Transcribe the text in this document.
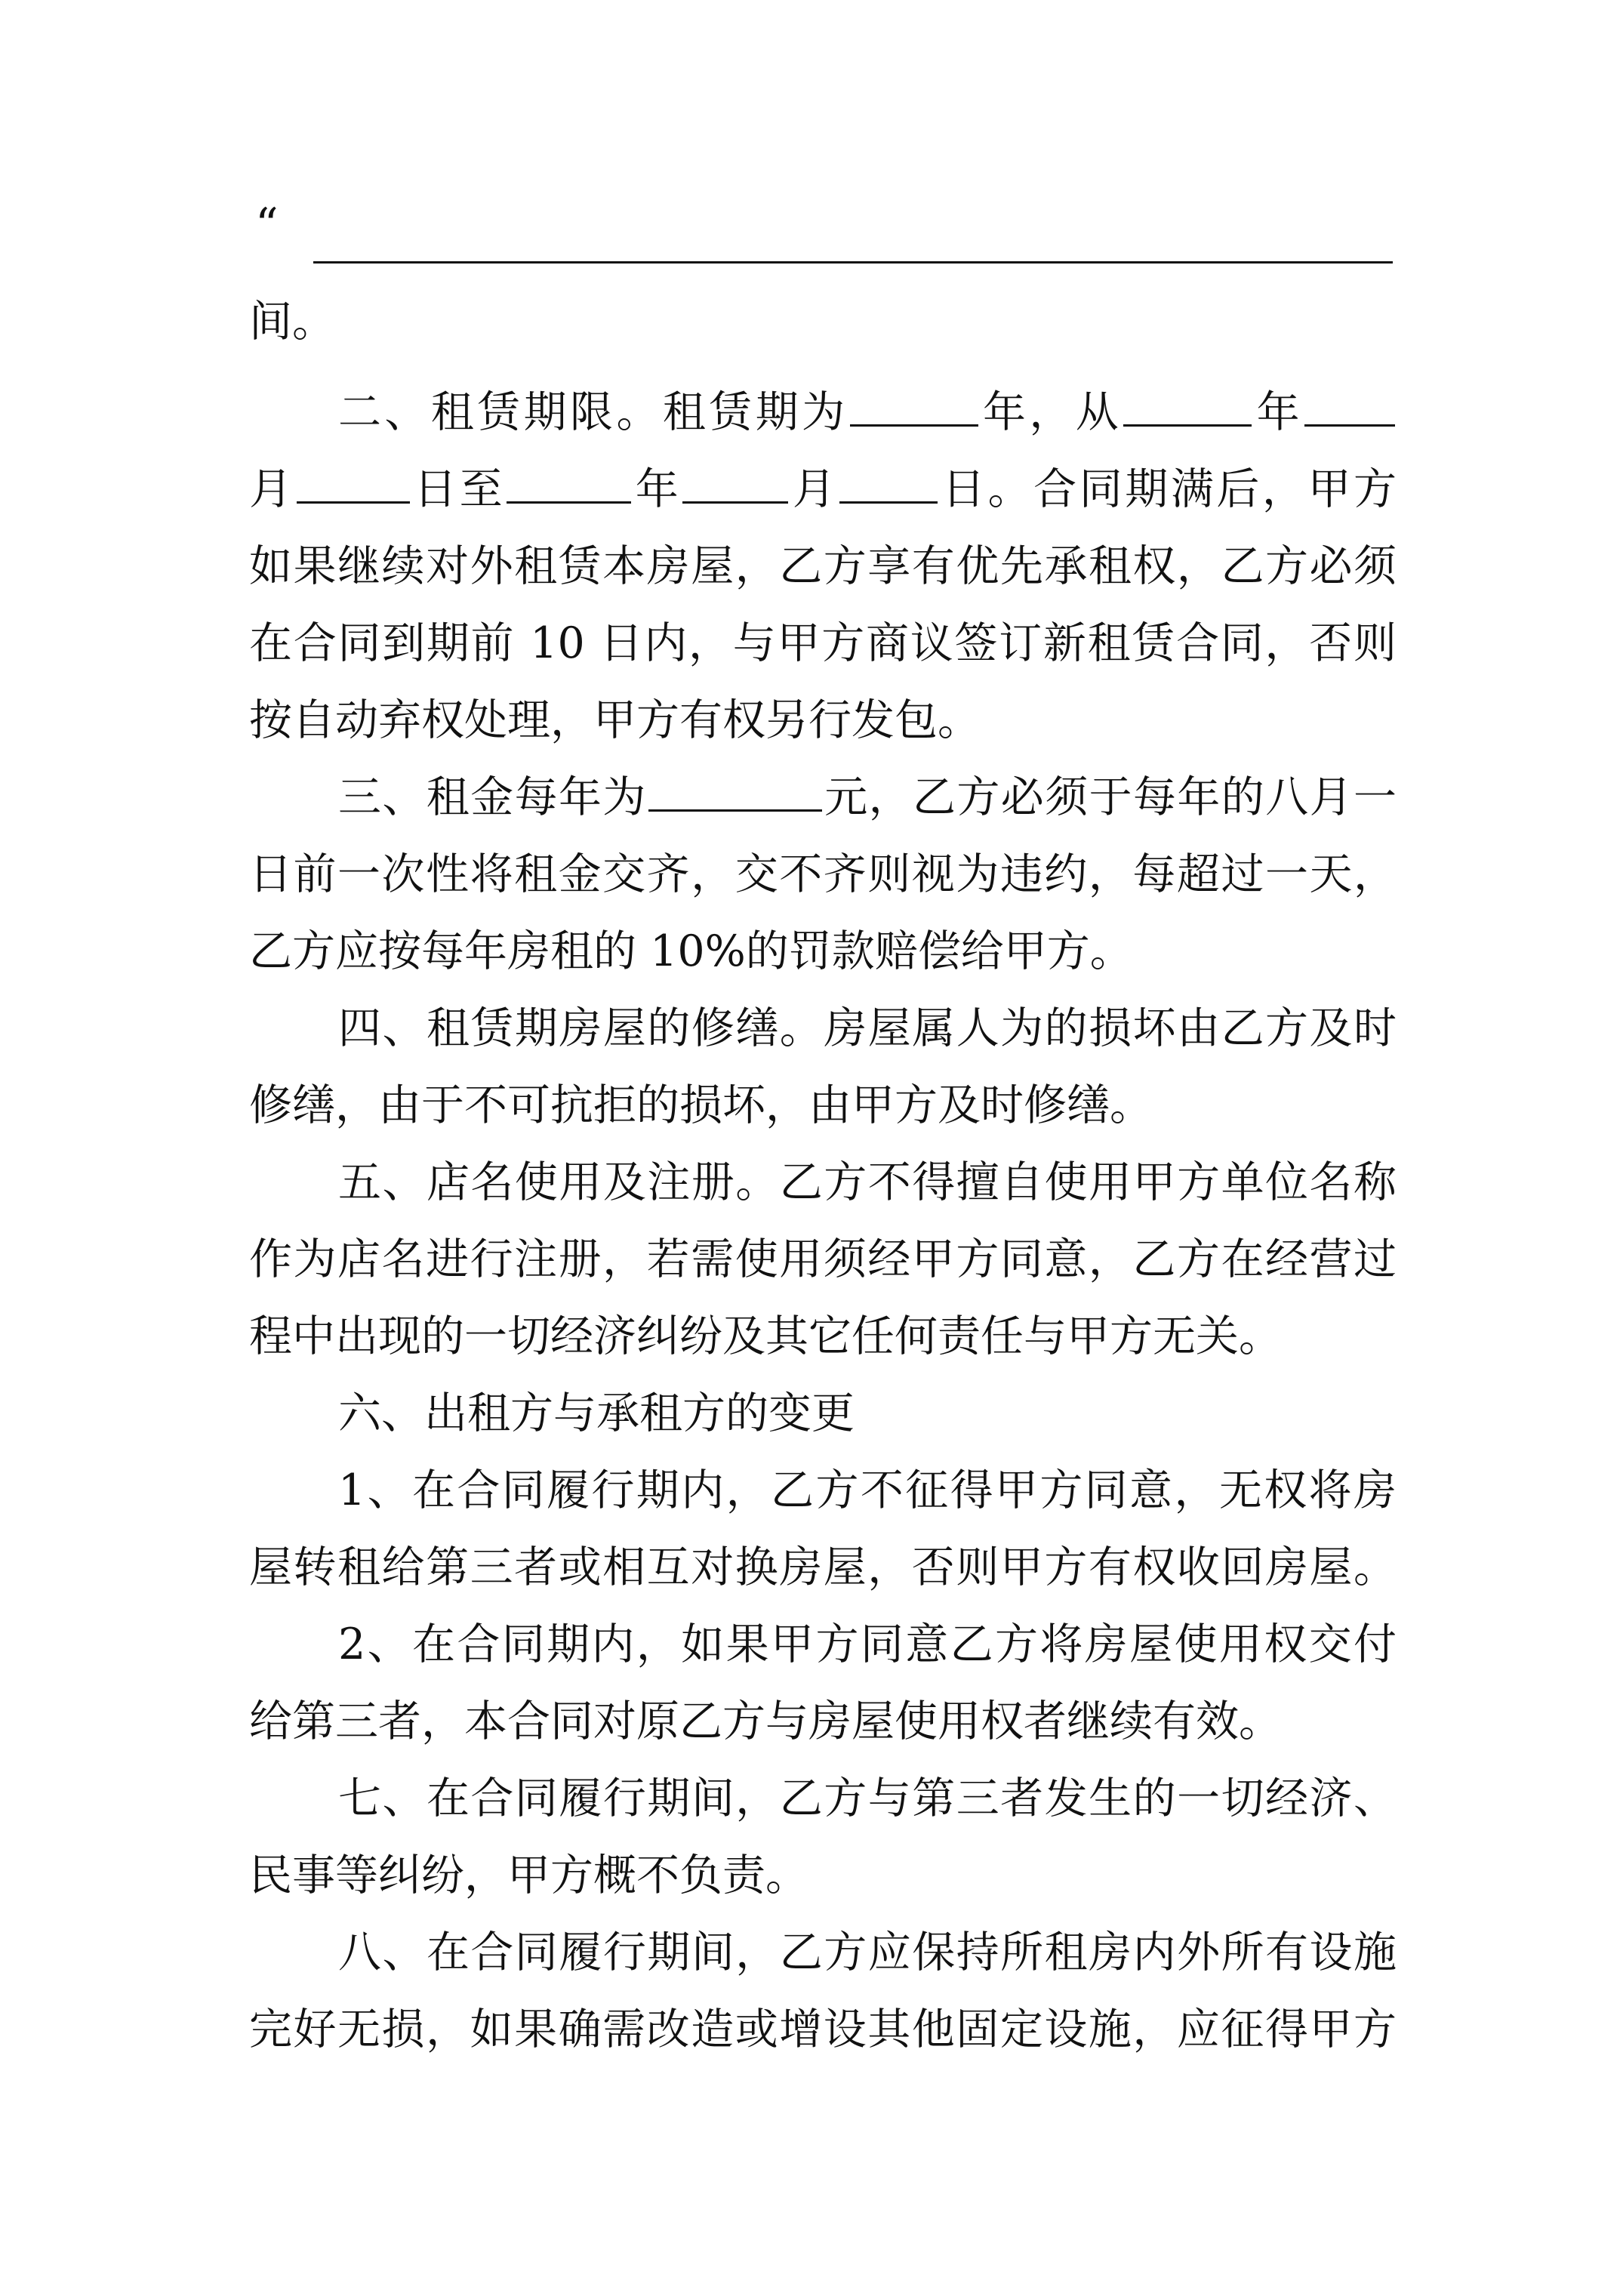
“
间。
二、租赁期限。租赁期为	年，从	年
月	日至	年	月 日。合同期满后，甲方
如果继续对外租赁本房屋，乙方享有优先承租权，乙方必须
在合同到期前 10 日内，与甲方商议签订新租赁合同，否则
按自动弃权处理，甲方有权另行发包。
三、租金每年为	元，乙方必须于每年的八月一
日前一次性将租金交齐，交不齐则视为违约，每超过一天，
乙方应按每年房租的 10%的罚款赔偿给甲方。
四、租赁期房屋的修缮。房屋属人为的损坏由乙方及时
修缮，由于不可抗拒的损坏，由甲方及时修缮。
五、店名使用及注册。乙方不得擅自使用甲方单位名称
作为店名进行注册，若需使用须经甲方同意，乙方在经营过
程中出现的一切经济纠纷及其它任何责任与甲方无关。
六、出租方与承租方的变更
1、在合同履行期内，乙方不征得甲方同意，无权将房
屋转租给第三者或相互对换房屋，否则甲方有权收回房屋。
2、在合同期内，如果甲方同意乙方将房屋使用权交付
给第三者，本合同对原乙方与房屋使用权者继续有效。
七、在合同履行期间，乙方与第三者发生的一切经济、
民事等纠纷，甲方概不负责。
八、在合同履行期间，乙方应保持所租房内外所有设施
完好无损，如果确需改造或增设其他固定设施，应征得甲方
